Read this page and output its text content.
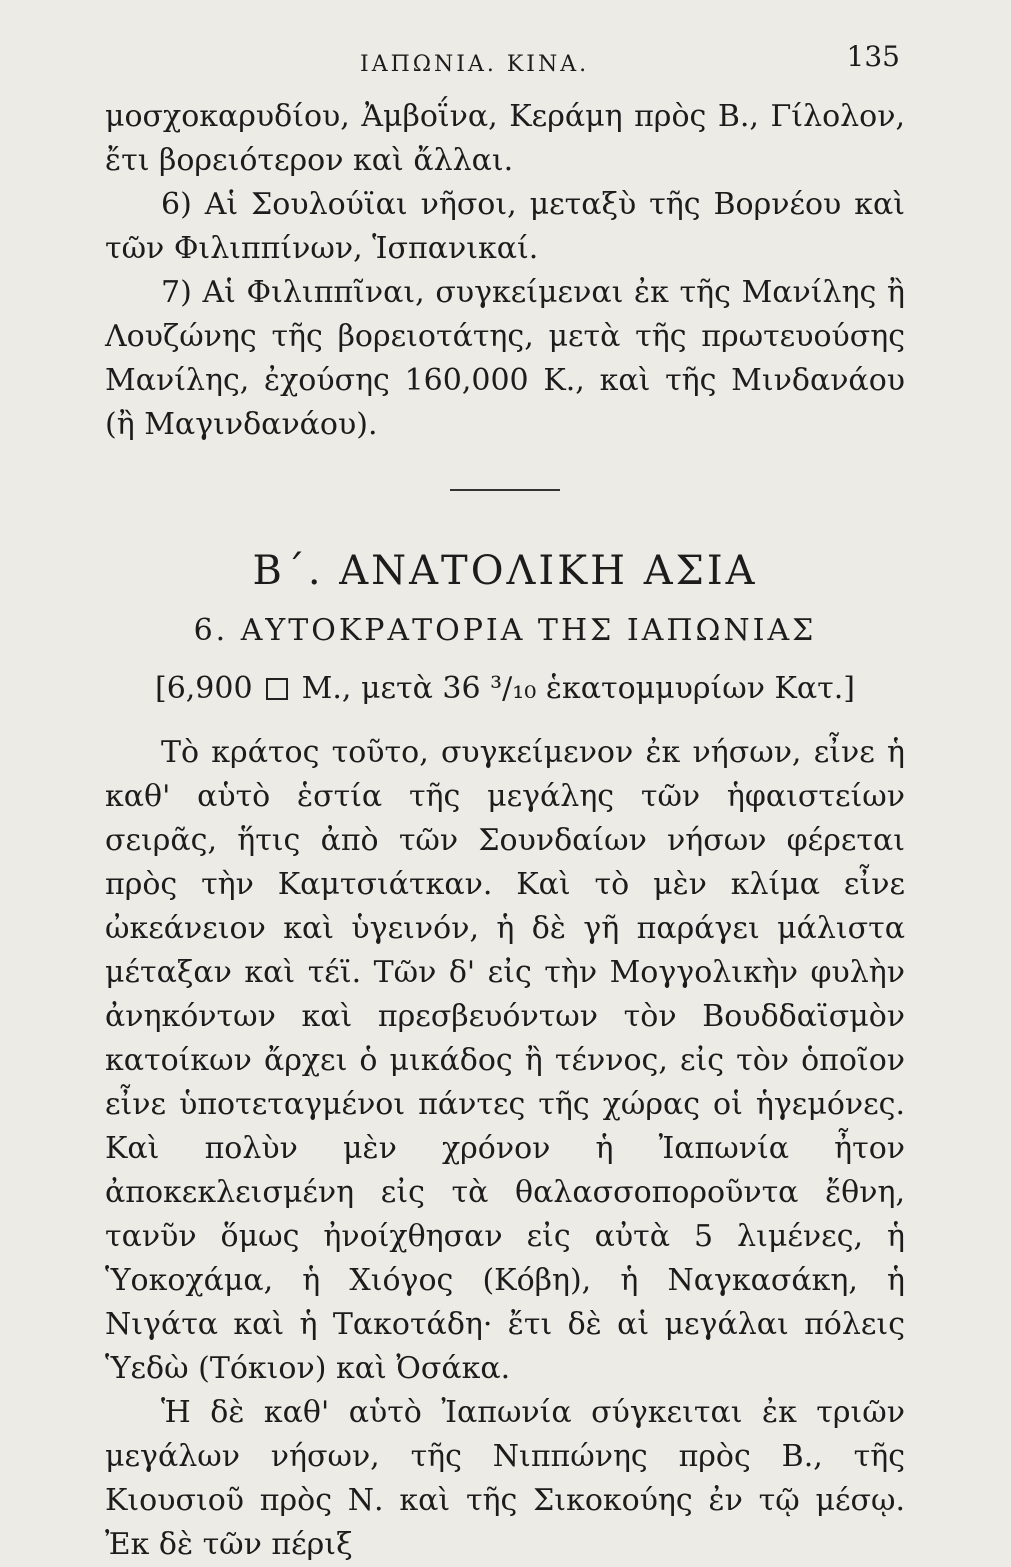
ΙΑΠΩΝΙΑ. ΚΙΝΑ.	135

μοσχοκαρυδίου, Ἀμβοΐνα, Κεράμη πρὸς Β., Γίλολον, ἔτι βορειότερον καὶ ἄλλαι.

6) Αἱ Σουλούϊαι νῆσοι, μεταξὺ τῆς Βορνέου καὶ τῶν Φιλιππίνων, Ἱσπανικαί.

7) Αἱ Φιλιππῖναι, συγκείμεναι ἐκ τῆς Μανίλης ἢ Λουζώνης τῆς βορειοτάτης, μετὰ τῆς πρωτευούσης Μανίλης, ἐχούσης 160,000 Κ., καὶ τῆς Μινδανάου (ἢ Μαγινδανάου).

Β΄. ΑΝΑΤΟΛΙΚΗ ΑΣΙΑ
6. ΑΥΤΟΚΡΑΤΟΡΙΑ ΤΗΣ ΙΑΠΩΝΙΑΣ
[6,900 Μ., μετὰ 36 ³/₁₀ ἑκατομμυρίων Κατ.]

Τὸ κράτος τοῦτο, συγκείμενον ἐκ νήσων, εἶνε ἡ καθ' αὑτὸ ἑστία τῆς μεγάλης τῶν ἡφαιστείων σειρᾶς, ἥτις ἀπὸ τῶν Σουνδαίων νήσων φέρεται πρὸς τὴν Καμτσιάτκαν. Καὶ τὸ μὲν κλίμα εἶνε ὠκεάνειον καὶ ὑγεινόν, ἡ δὲ γῆ παράγει μάλιστα μέταξαν καὶ τέϊ. Τῶν δ' εἰς τὴν Μογγολικὴν φυλὴν ἀνηκόντων καὶ πρεσβευόντων τὸν Βουδδαϊσμὸν κατοίκων ἄρχει ὁ μικάδος ἢ τέννος, εἰς τὸν ὁποῖον εἶνε ὑποτεταγμένοι πάντες τῆς χώρας οἱ ἡγεμόνες. Καὶ πολὺν μὲν χρόνον ἡ Ἰαπωνία ἦτον ἀποκεκλεισμένη εἰς τὰ θαλασσοποροῦντα ἔθνη, τανῦν ὅμως ἠνοίχθησαν εἰς αὐτὰ 5 λιμένες, ἡ Ὑοκοχάμα, ἡ Χιόγος (Κόβη), ἡ Ναγκασάκη, ἡ Νιγάτα καὶ ἡ Τακοτάδη· ἔτι δὲ αἱ μεγάλαι πόλεις Ὑεδὼ (Τόκιον) καὶ Ὀσάκα.

Ἡ δὲ καθ' αὑτὸ Ἰαπωνία σύγκειται ἐκ τριῶν μεγάλων νήσων, τῆς Νιππώνης πρὸς Β., τῆς Κιουσιοῦ πρὸς Ν. καὶ τῆς Σικοκούης ἐν τῷ μέσῳ. Ἐκ δὲ τῶν πέριξ
